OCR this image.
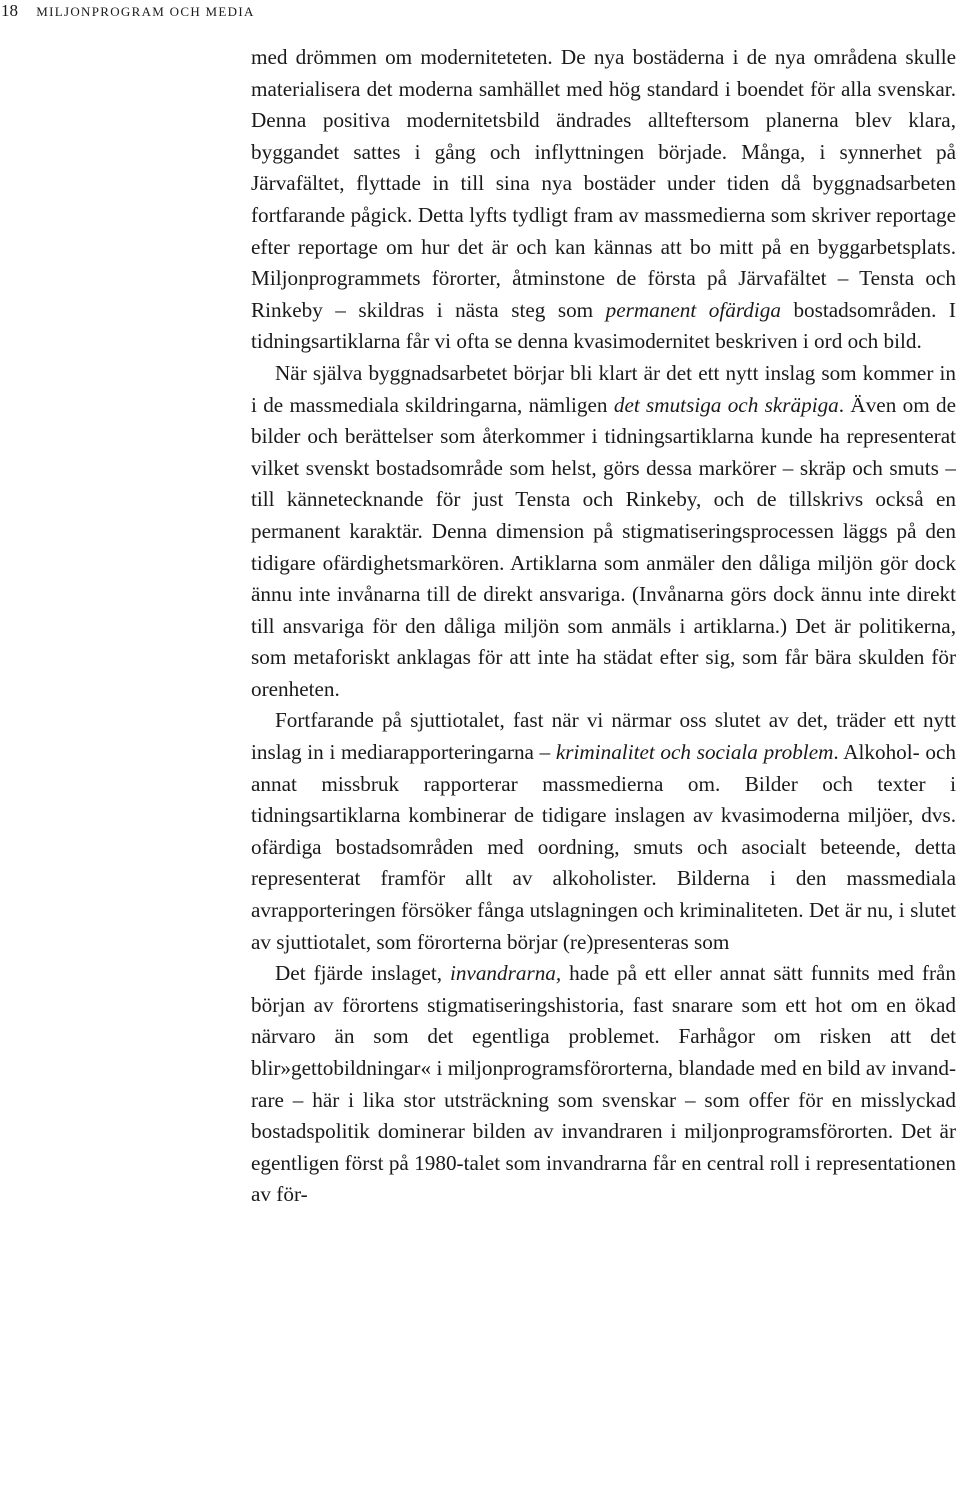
18 MILJONPROGRAM OCH MEDIA

med drömmen om moderniteteten. De nya bostäderna i de nya områdena skulle materialisera det moderna samhället med hög standard i boendet för alla svenskar. Denna positiva modernitetsbild ändrades allteftersom planerna blev klara, byggandet sattes i gång och inflyttningen började. Många, i synnerhet på Järvafältet, flyttade in till sina nya bostäder under tiden då byggnadsarbeten fortfarande pågick. Detta lyfts tydligt fram av massmedierna som skriver reportage efter reportage om hur det är och kan kännas att bo mitt på en byggarbetsplats. Miljonprogrammets förorter, åtminstone de första på Järvafältet – Tensta och Rinkeby – skildras i nästa steg som permanent ofärdiga bostadsområden. I tidningsartiklarna får vi ofta se denna kvasimodernitet beskriven i ord och bild.

När själva byggnadsarbetet börjar bli klart är det ett nytt inslag som kommer in i de massmediala skildringarna, nämligen det smutsiga och skräpiga. Även om de bilder och berättelser som återkommer i tidningsartiklarna kunde ha representerat vilket svenskt bostadsområde som helst, görs dessa markörer – skräp och smuts – till kännetecknande för just Tensta och Rinkeby, och de tillskrivs också en permanent karaktär. Denna dimension på stigmatiseringsprocessen läggs på den tidigare ofärdighetsmarkören. Artiklarna som anmäler den dåliga miljön gör dock ännu inte invånarna till de direkt ansvariga. (Invånarna görs dock ännu inte direkt till ansvariga för den dåliga miljön som anmäls i artiklarna.) Det är politikerna, som metaforiskt anklagas för att inte ha städat efter sig, som får bära skulden för orenheten.

Fortfarande på sjuttiotalet, fast när vi närmar oss slutet av det, träder ett nytt inslag in i mediarapporteringarna – kriminalitet och sociala problem. Alkohol- och annat missbruk rapporterar massmedierna om. Bilder och texter i tidningsartiklarna kombinerar de tidigare inslagen av kvasimoderna miljöer, dvs. ofärdiga bostadsområden med oordning, smuts och asocialt beteende, detta representerat framför allt av alkoholister. Bilderna i den massmediala avrapporteringen försöker fånga utslagningen och kriminaliteten. Det är nu, i slutet av sjuttiotalet, som förorterna börjar (re)presenteras som

Det fjärde inslaget, invandrarna, hade på ett eller annat sätt funnits med från början av förortens stigmatiseringshistoria, fast snarare som ett hot om en ökad närvaro än som det egentliga problemet. Farhågor om risken att det blir»gettobildningar« i miljonprogramsförorterna, blandade med en bild av invandrare – här i lika stor utsträckning som svenskar – som offer för en misslyckad bostadspolitik dominerar bilden av invandraren i miljonprogramsförorten. Det är egentligen först på 1980-talet som invandrarna får en central roll i representationen av för-
